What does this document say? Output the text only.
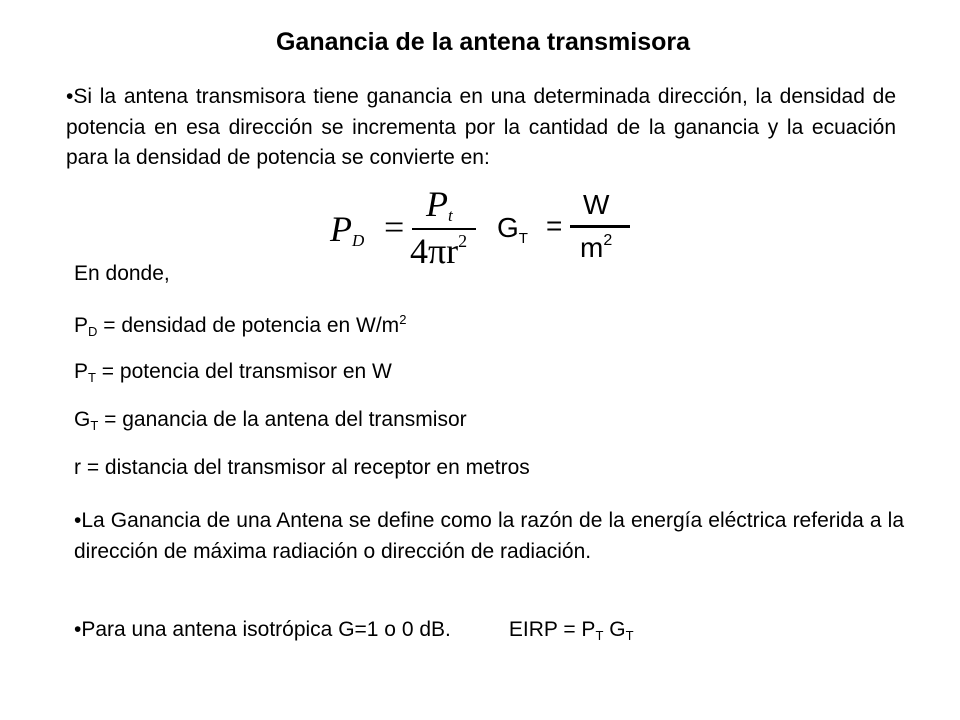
Ganancia de la antena transmisora
•Si la antena transmisora tiene ganancia en una determinada dirección, la densidad de potencia en esa dirección se incrementa por la cantidad de la ganancia y la ecuación para la densidad de potencia se convierte en:
$P_D$ =
$P_t$
$4\pi r^2$ $G_T$ =
W
$m^2$
En donde,
$P_D$ = densidad de potencia en $W/m^2$
$P_T$ = potencia del transmisor en W
$G_T$ = ganancia de la antena del transmisor
r = distancia del transmisor al receptor en metros
•La Ganancia de una Antena se define como la razón de la energía eléctrica referida a la dirección de máxima radiación o dirección de radiación.
•Para una antena isotrópica G=1 o 0 dB.	EIRP = $P_T$ $G_T$
